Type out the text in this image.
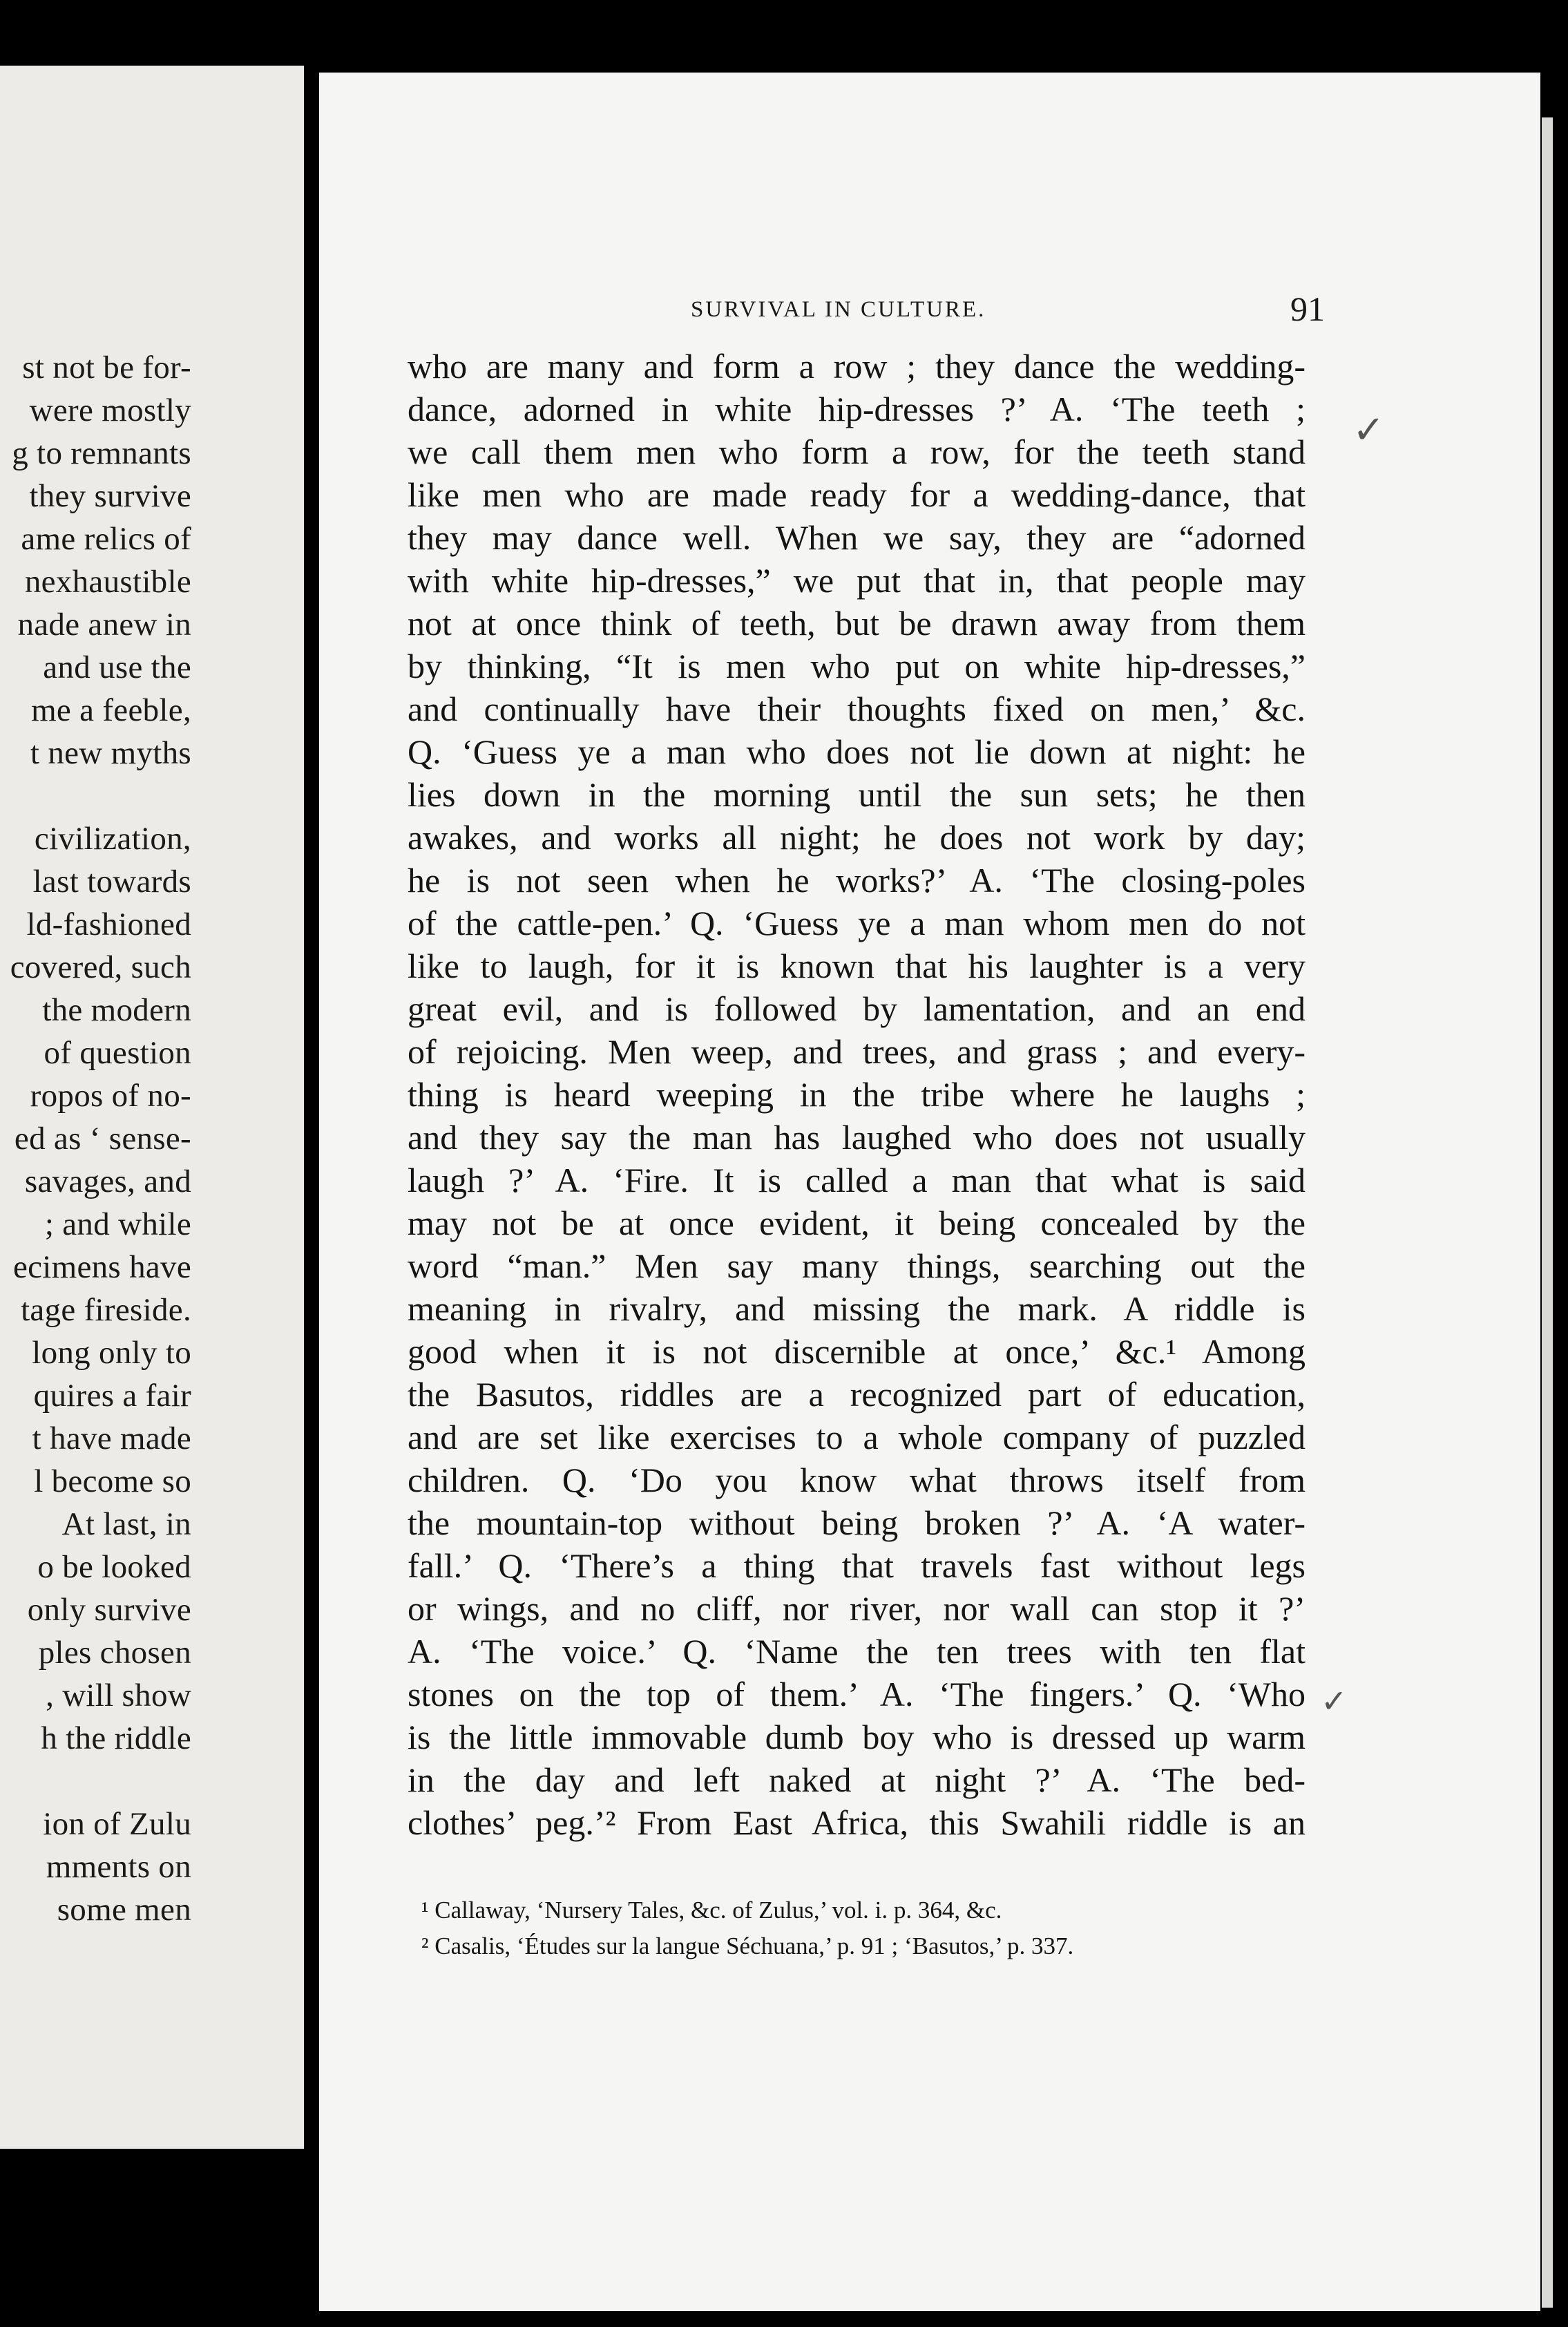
st not be for-
were mostly
g to remnants
they survive
ame relics of
nexhaustible
nade anew in
and use the
me a feeble,
t new myths
civilization,
last towards
ld-fashioned
covered, such
the modern
of question
ropos of no-
ed as ‘ sense-
savages, and
; and while
ecimens have
tage fireside.
long only to
quires a fair
t have made
l become so
At last, in
o be looked
only survive
ples chosen
, will show
h the riddle
ion of Zulu
mments on
some men
SURVIVAL IN CULTURE.	91
who are many and form a row ; they dance the wedding-
dance, adorned in white hip-dresses ?’ A. ‘The teeth ;
we call them men who form a row, for the teeth stand
like men who are made ready for a wedding-dance, that
they may dance well. When we say, they are “adorned
with white hip-dresses,” we put that in, that people may
not at once think of teeth, but be drawn away from them
by thinking, “It is men who put on white hip-dresses,”
and continually have their thoughts fixed on men,’ &c.
Q. ‘Guess ye a man who does not lie down at night: he
lies down in the morning until the sun sets; he then
awakes, and works all night; he does not work by day;
he is not seen when he works?’ A. ‘The closing-poles
of the cattle-pen.’ Q. ‘Guess ye a man whom men do not
like to laugh, for it is known that his laughter is a very
great evil, and is followed by lamentation, and an end
of rejoicing. Men weep, and trees, and grass ; and every-
thing is heard weeping in the tribe where he laughs ;
and they say the man has laughed who does not usually
laugh ?’ A. ‘Fire. It is called a man that what is said
may not be at once evident, it being concealed by the
word “man.” Men say many things, searching out the
meaning in rivalry, and missing the mark. A riddle is
good when it is not discernible at once,’ &c.¹ Among
the Basutos, riddles are a recognized part of education,
and are set like exercises to a whole company of puzzled
children. Q. ‘Do you know what throws itself from
the mountain-top without being broken ?’ A. ‘A water-
fall.’ Q. ‘There’s a thing that travels fast without legs
or wings, and no cliff, nor river, nor wall can stop it ?’
A. ‘The voice.’ Q. ‘Name the ten trees with ten flat
stones on the top of them.’ A. ‘The fingers.’ Q. ‘Who
is the little immovable dumb boy who is dressed up warm
in the day and left naked at night ?’ A. ‘The bed-
clothes’ peg.’² From East Africa, this Swahili riddle is an
¹ Callaway, ‘Nursery Tales, &c. of Zulus,’ vol. i. p. 364, &c.
² Casalis, ‘Études sur la langue Séchuana,’ p. 91 ; ‘Basutos,’ p. 337.
✓
✓
